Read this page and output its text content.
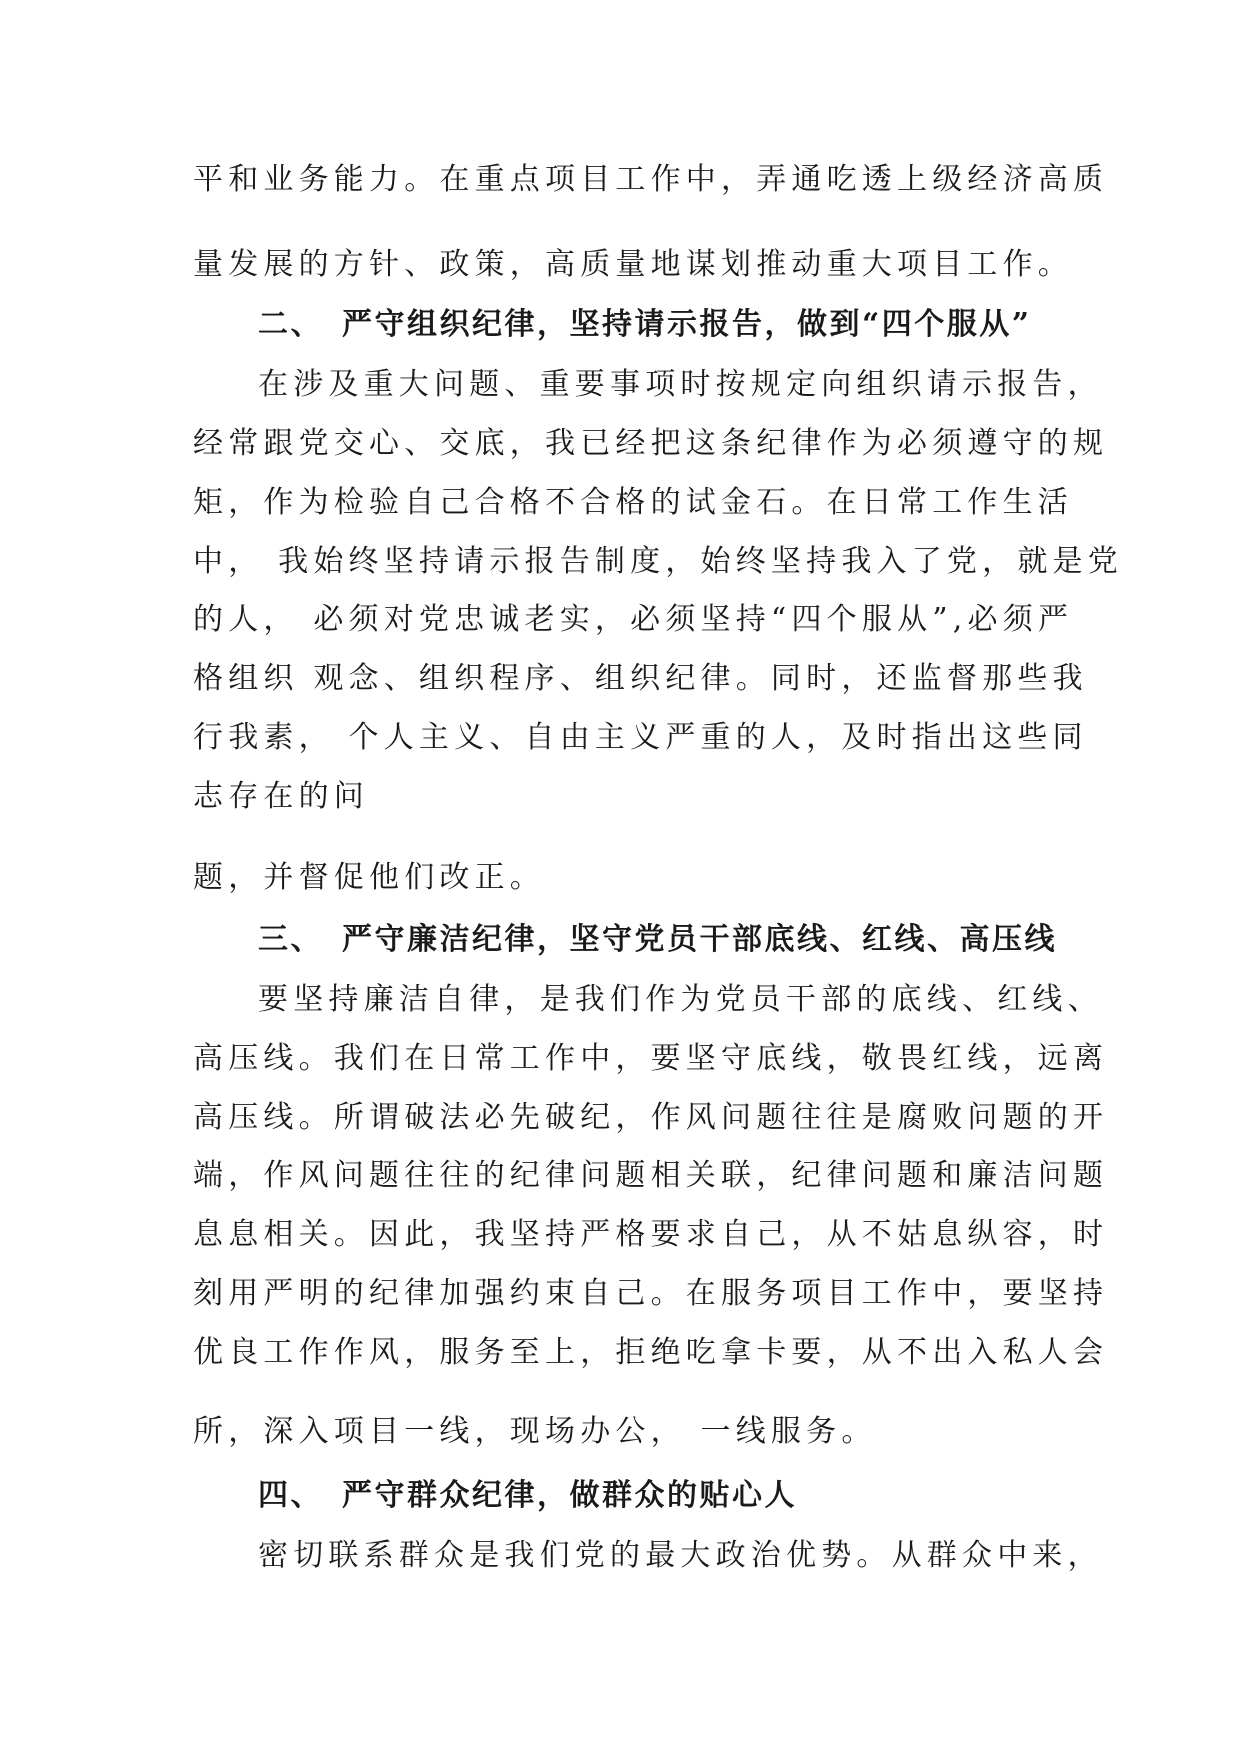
平和业务能力。在重点项目工作中，弄通吃透上级经济高质
量发展的方针、政策，高质量地谋划推动重大项目工作。
二、 严守组织纪律，坚持请示报告，做到“四个服从”
在涉及重大问题、重要事项时按规定向组织请示报告，
经常跟党交心、交底，我已经把这条纪律作为必须遵守的规
矩，作为检验自己合格不合格的试金石。在日常工作生活
中， 我始终坚持请示报告制度，始终坚持我入了党，就是党
的人， 必须对党忠诚老实，必须坚持“四个服从”,必须严
格组织 观念、组织程序、组织纪律。同时，还监督那些我
行我素， 个人主义、自由主义严重的人，及时指出这些同
志存在的问
题，并督促他们改正。
三、 严守廉洁纪律，坚守党员干部底线、红线、高压线
要坚持廉洁自律，是我们作为党员干部的底线、红线、
高压线。我们在日常工作中，要坚守底线，敬畏红线，远离
高压线。所谓破法必先破纪，作风问题往往是腐败问题的开
端，作风问题往往的纪律问题相关联，纪律问题和廉洁问题
息息相关。因此，我坚持严格要求自己，从不姑息纵容，时
刻用严明的纪律加强约束自己。在服务项目工作中，要坚持
优良工作作风，服务至上，拒绝吃拿卡要，从不出入私人会
所，深入项目一线，现场办公， 一线服务。
四、 严守群众纪律，做群众的贴心人
密切联系群众是我们党的最大政治优势。从群众中来，
